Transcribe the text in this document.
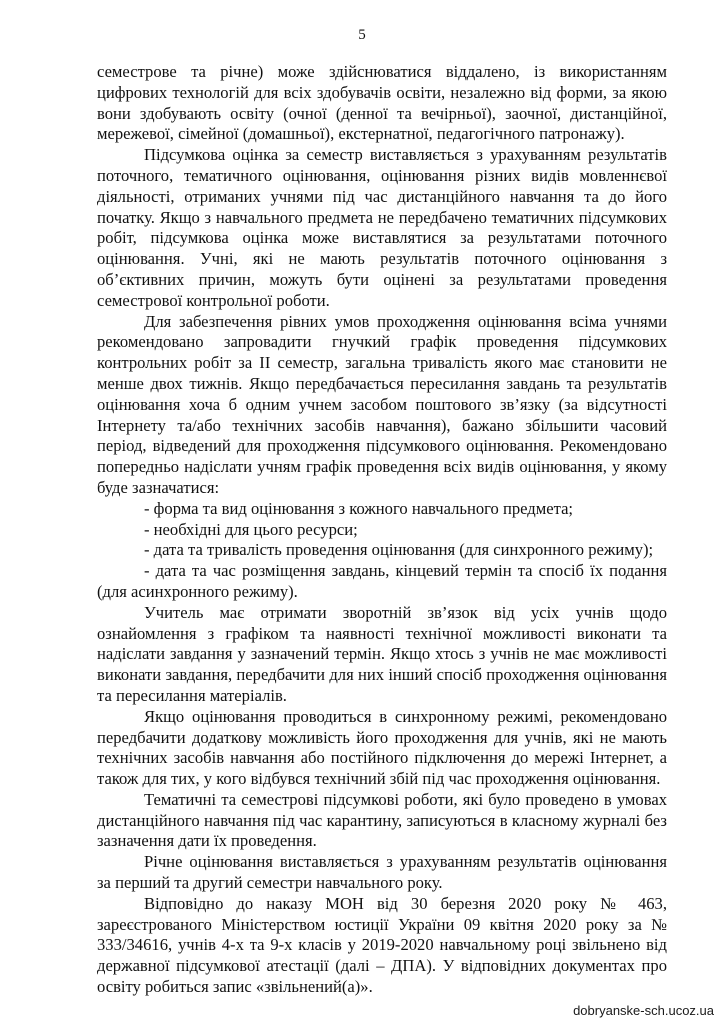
5

семестрове та річне) може здійснюватися віддалено, із використанням цифрових технологій для всіх здобувачів освіти, незалежно від форми, за якою вони здобувають освіту (очної (денної та вечірньої), заочної, дистанційної, мережевої, сімейної (домашньої), екстернатної, педагогічного патронажу).

Підсумкова оцінка за семестр виставляється з урахуванням результатів поточного, тематичного оцінювання, оцінювання різних видів мовленнєвої діяльності, отриманих учнями під час дистанційного навчання та до його початку. Якщо з навчального предмета не передбачено тематичних підсумкових робіт, підсумкова оцінка може виставлятися за результатами поточного оцінювання. Учні, які не мають результатів поточного оцінювання з об’єктивних причин, можуть бути оцінені за результатами проведення семестрової контрольної роботи.

Для забезпечення рівних умов проходження оцінювання всіма учнями рекомендовано запровадити гнучкий графік проведення підсумкових контрольних робіт за ІІ семестр, загальна тривалість якого має становити не менше двох тижнів. Якщо передбачається пересилання завдань та результатів оцінювання хоча б одним учнем засобом поштового зв’язку (за відсутності Інтернету та/або технічних засобів навчання), бажано збільшити часовий період, відведений для проходження підсумкового оцінювання. Рекомендовано попередньо надіслати учням графік проведення всіх видів оцінювання, у якому буде зазначатися:

- форма та вид оцінювання з кожного навчального предмета;

- необхідні для цього ресурси;

- дата та тривалість проведення оцінювання (для синхронного режиму);

- дата та час розміщення завдань, кінцевий термін та спосіб їх подання (для асинхронного режиму).

Учитель має отримати зворотній зв’язок від усіх учнів щодо ознайомлення з графіком та наявності технічної можливості виконати та надіслати завдання у зазначений термін. Якщо хтось з учнів не має можливості виконати завдання, передбачити для них інший спосіб проходження оцінювання та пересилання матеріалів.

Якщо оцінювання проводиться в синхронному режимі, рекомендовано передбачити додаткову можливість його проходження для учнів, які не мають технічних засобів навчання або постійного підключення до мережі Інтернет, а також для тих, у кого відбувся технічний збій під час проходження оцінювання.

Тематичні та семестрові підсумкові роботи, які було проведено в умовах дистанційного навчання під час карантину, записуються в класному журналі без зазначення дати їх проведення.

Річне оцінювання виставляється з урахуванням результатів оцінювання за перший та другий семестри навчального року.

Відповідно до наказу МОН від 30 березня 2020 року № 463, зареєстрованого Міністерством юстиції України 09 квітня 2020 року за № 333/34616, учнів 4-х та 9-х класів у 2019-2020 навчальному році звільнено від державної підсумкової атестації (далі – ДПА). У відповідних документах про освіту робиться запис «звільнений(а)».

dobryanske-sch.ucoz.ua
